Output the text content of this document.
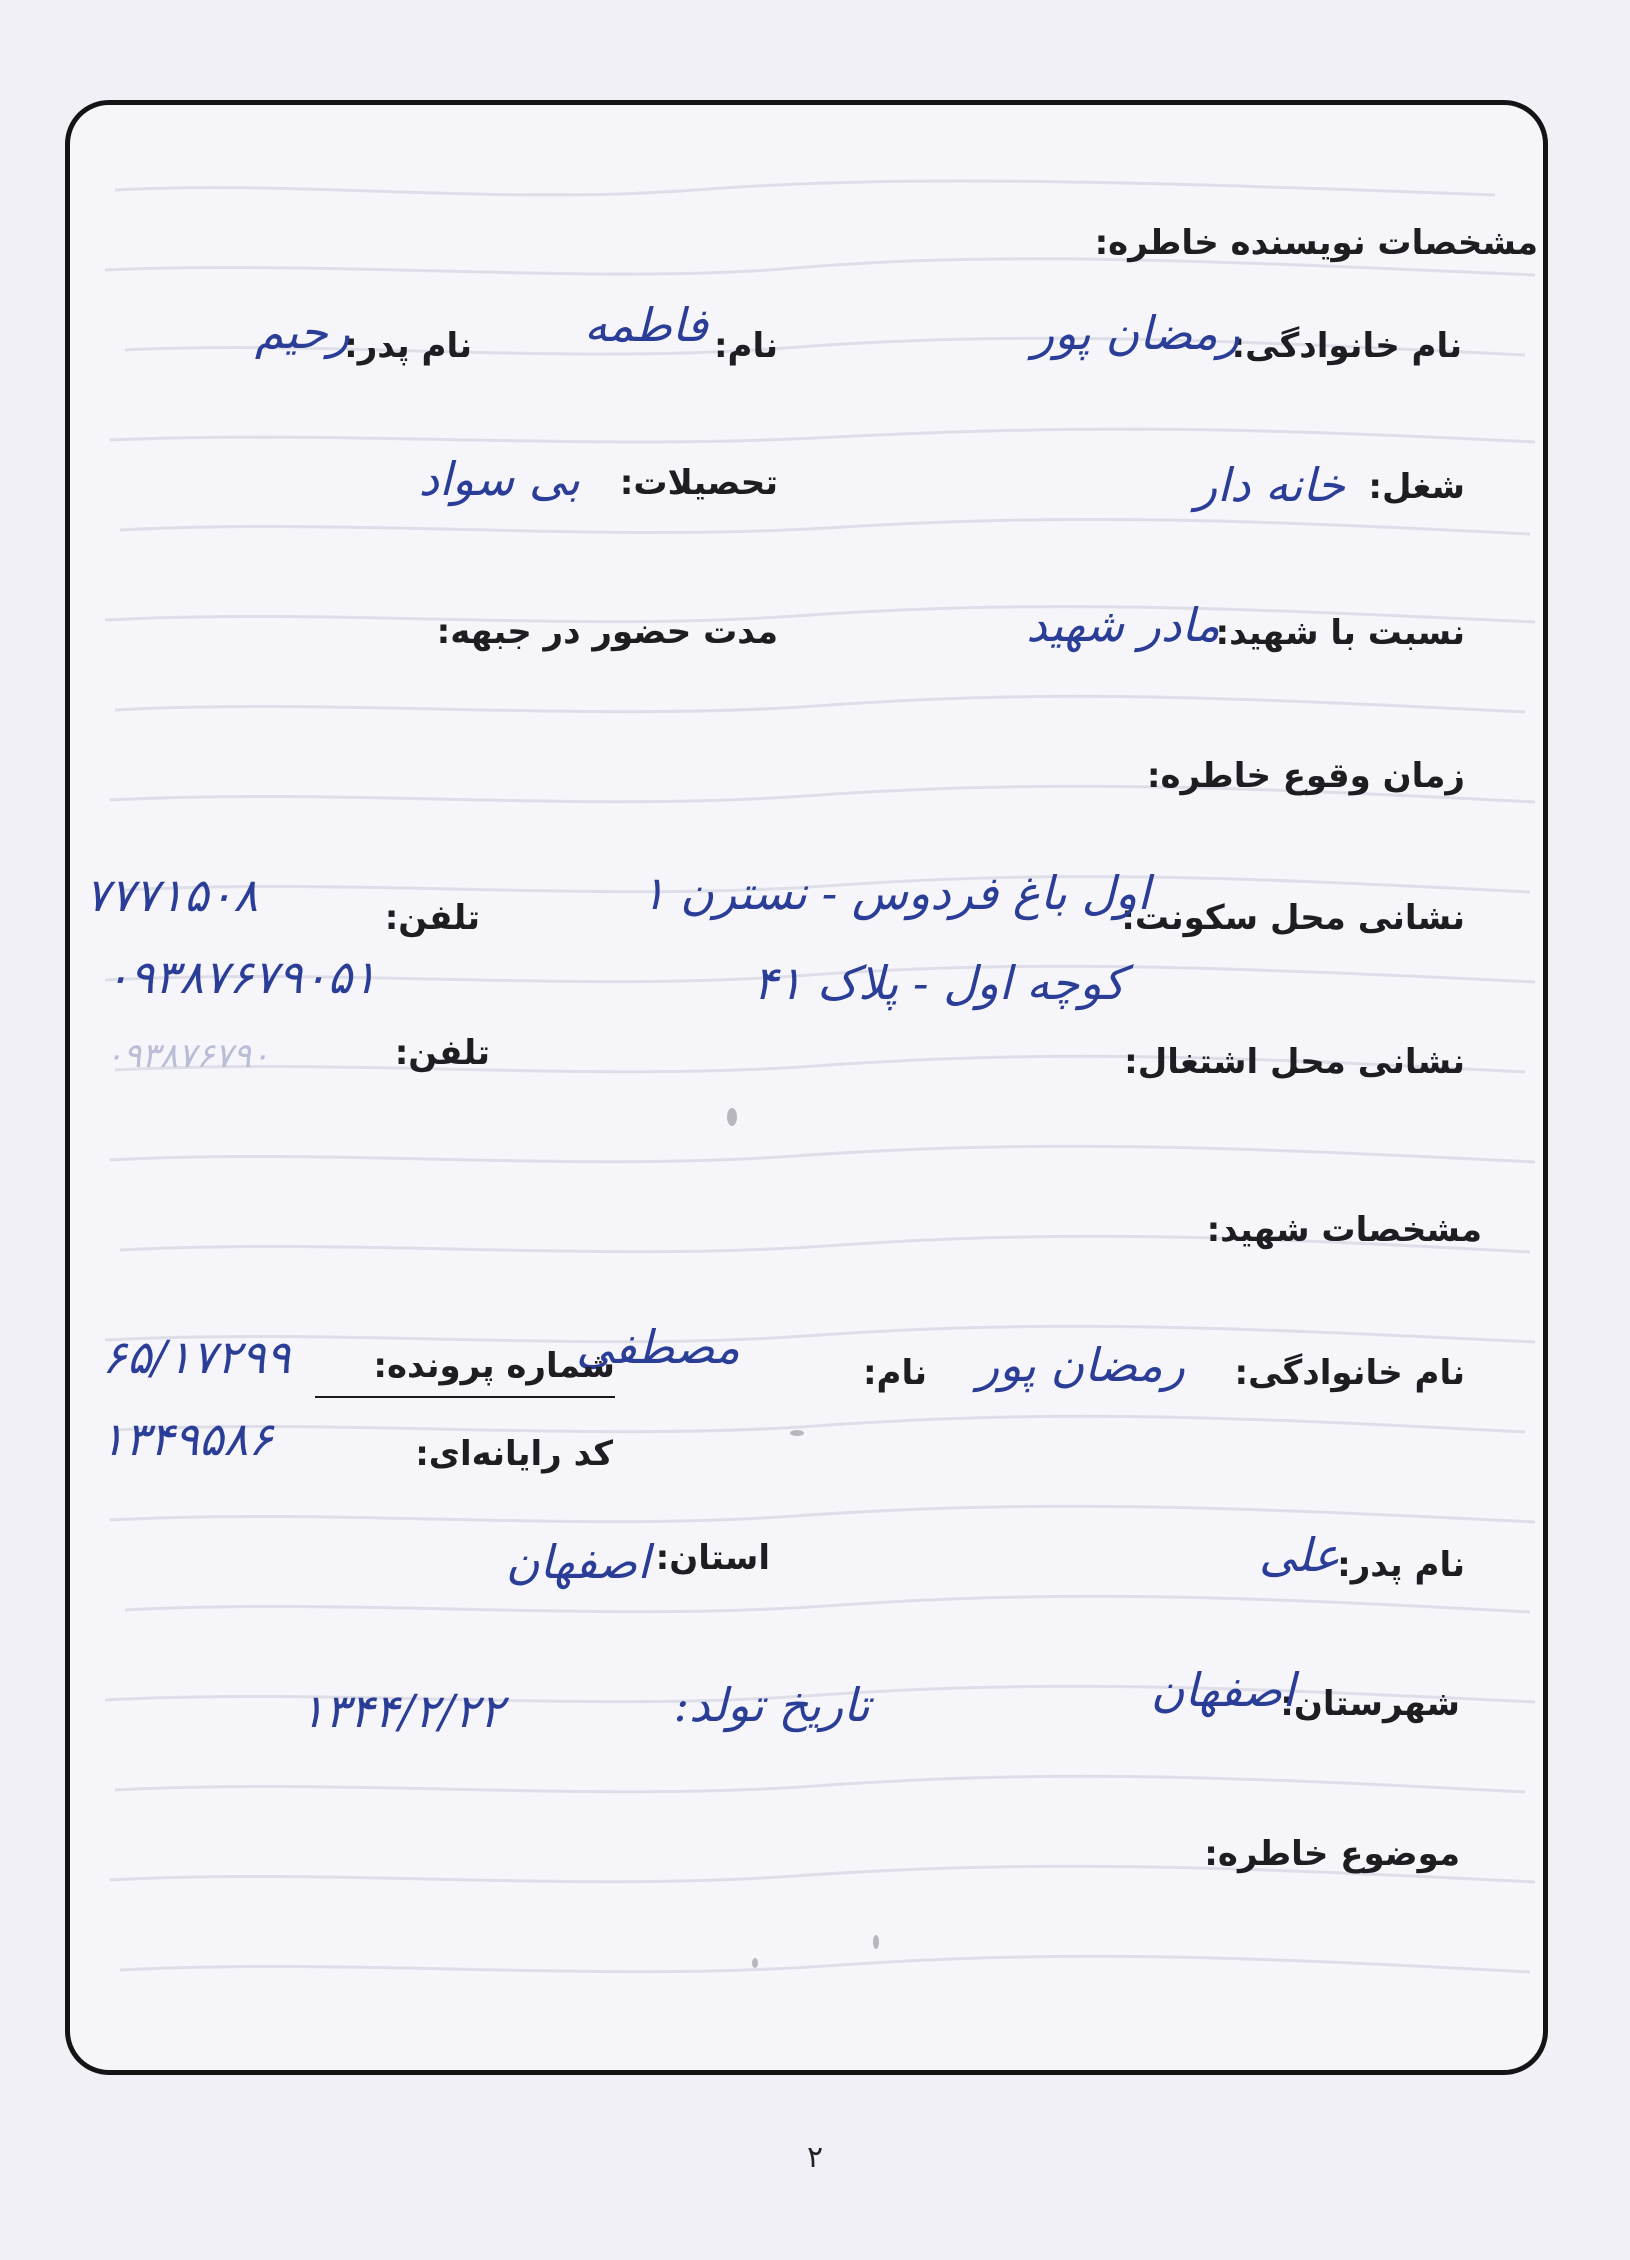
مشخصات نویسنده خاطره:
نام خانوادگی:
رمضان پور
نام:
فاطمه
نام پدر:
رحیم
شغل:
خانه دار
تحصیلات:
بی سواد
نسبت با شهید:
مادر شهید
مدت حضور در جبهه:
زمان وقوع خاطره:
نشانی محل سکونت:
اول باغ فردوس - نسترن ۱
کوچه اول - پلاک ۴۱
تلفن:
۷۷۷۱۵۰۸
۰۹۳۸۷۶۷۹۰۵۱
نشانی محل اشتغال:
تلفن:
۰۹۳۸۷۶۷۹۰
مشخصات شهید:
نام خانوادگی:
رمضان پور
نام:
مصطفی
شماره پرونده:
۶۵/۱۷۲۹۹
کد رایانه‌ای:
۱۳۴۹۵۸۶
نام پدر:
علی
استان:
اصفهان
شهرستان:
اصفهان
تاریخ تولد:
۱۳۴۴/۲/۲۲
موضوع خاطره:
۲
